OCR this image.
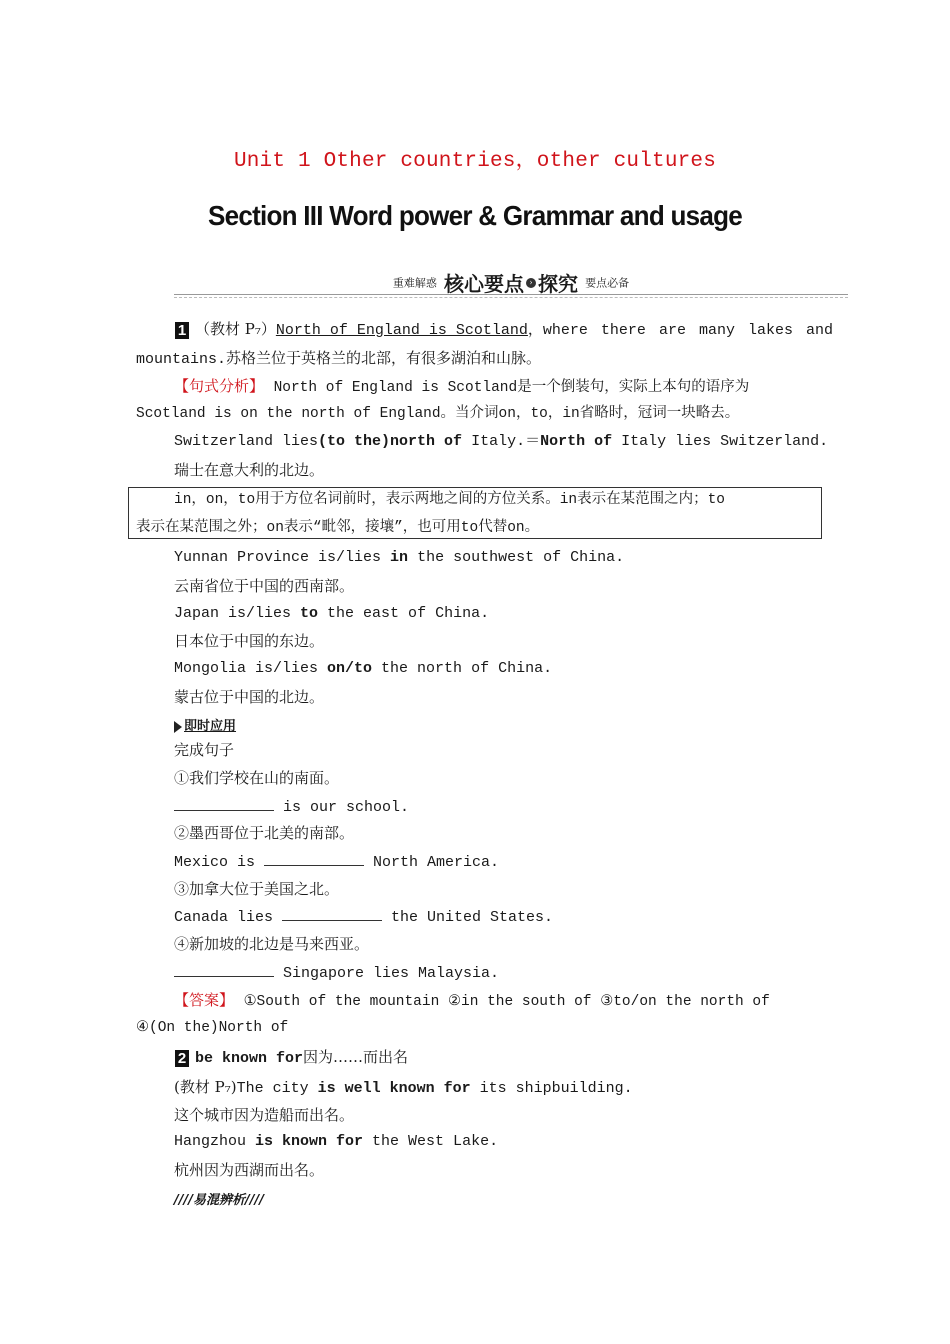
Unit 1 Other countries，other cultures
Section III Word power & Grammar and usage
重难解惑 核心要点 › 探究 要点必备
1 （教材 P₇）North of England is Scotland，where there are many lakes and
mountains.苏格兰位于英格兰的北部，有很多湖泊和山脉。
【句式分析】 North of England is Scotland是一个倒装句，实际上本句的语序为
Scotland is on the north of England。当介词on，to，in省略时，冠词一块略去。
Switzerland lies(to the)north of Italy.＝North of Italy lies Switzerland.
瑞士在意大利的北边。
in，on，to用于方位名词前时，表示两地之间的方位关系。in表示在某范围之内；to
表示在某范围之外；on表示“毗邻，接壤”，也可用to代替on。
Yunnan Province is/lies in the southwest of China.
云南省位于中国的西南部。
Japan is/lies to the east of China.
日本位于中国的东边。
Mongolia is/lies on/to the north of China.
蒙古位于中国的北边。
即时应用
完成句子
①我们学校在山的南面。
is our school.
②墨西哥位于北美的南部。
Mexico is	North America.
③加拿大位于美国之北。
Canada lies	the United States.
④新加坡的北边是马来西亚。
Singapore lies Malaysia.
【答案】 ①South of the mountain ②in the south of ③to/on the north of
④(On the)North of
2 be known for因为……而出名
(教材 P₇)The city is well known for its shipbuilding.
这个城市因为造船而出名。
Hangzhou is known for the West Lake.
杭州因为西湖而出名。
////易混辨析////
